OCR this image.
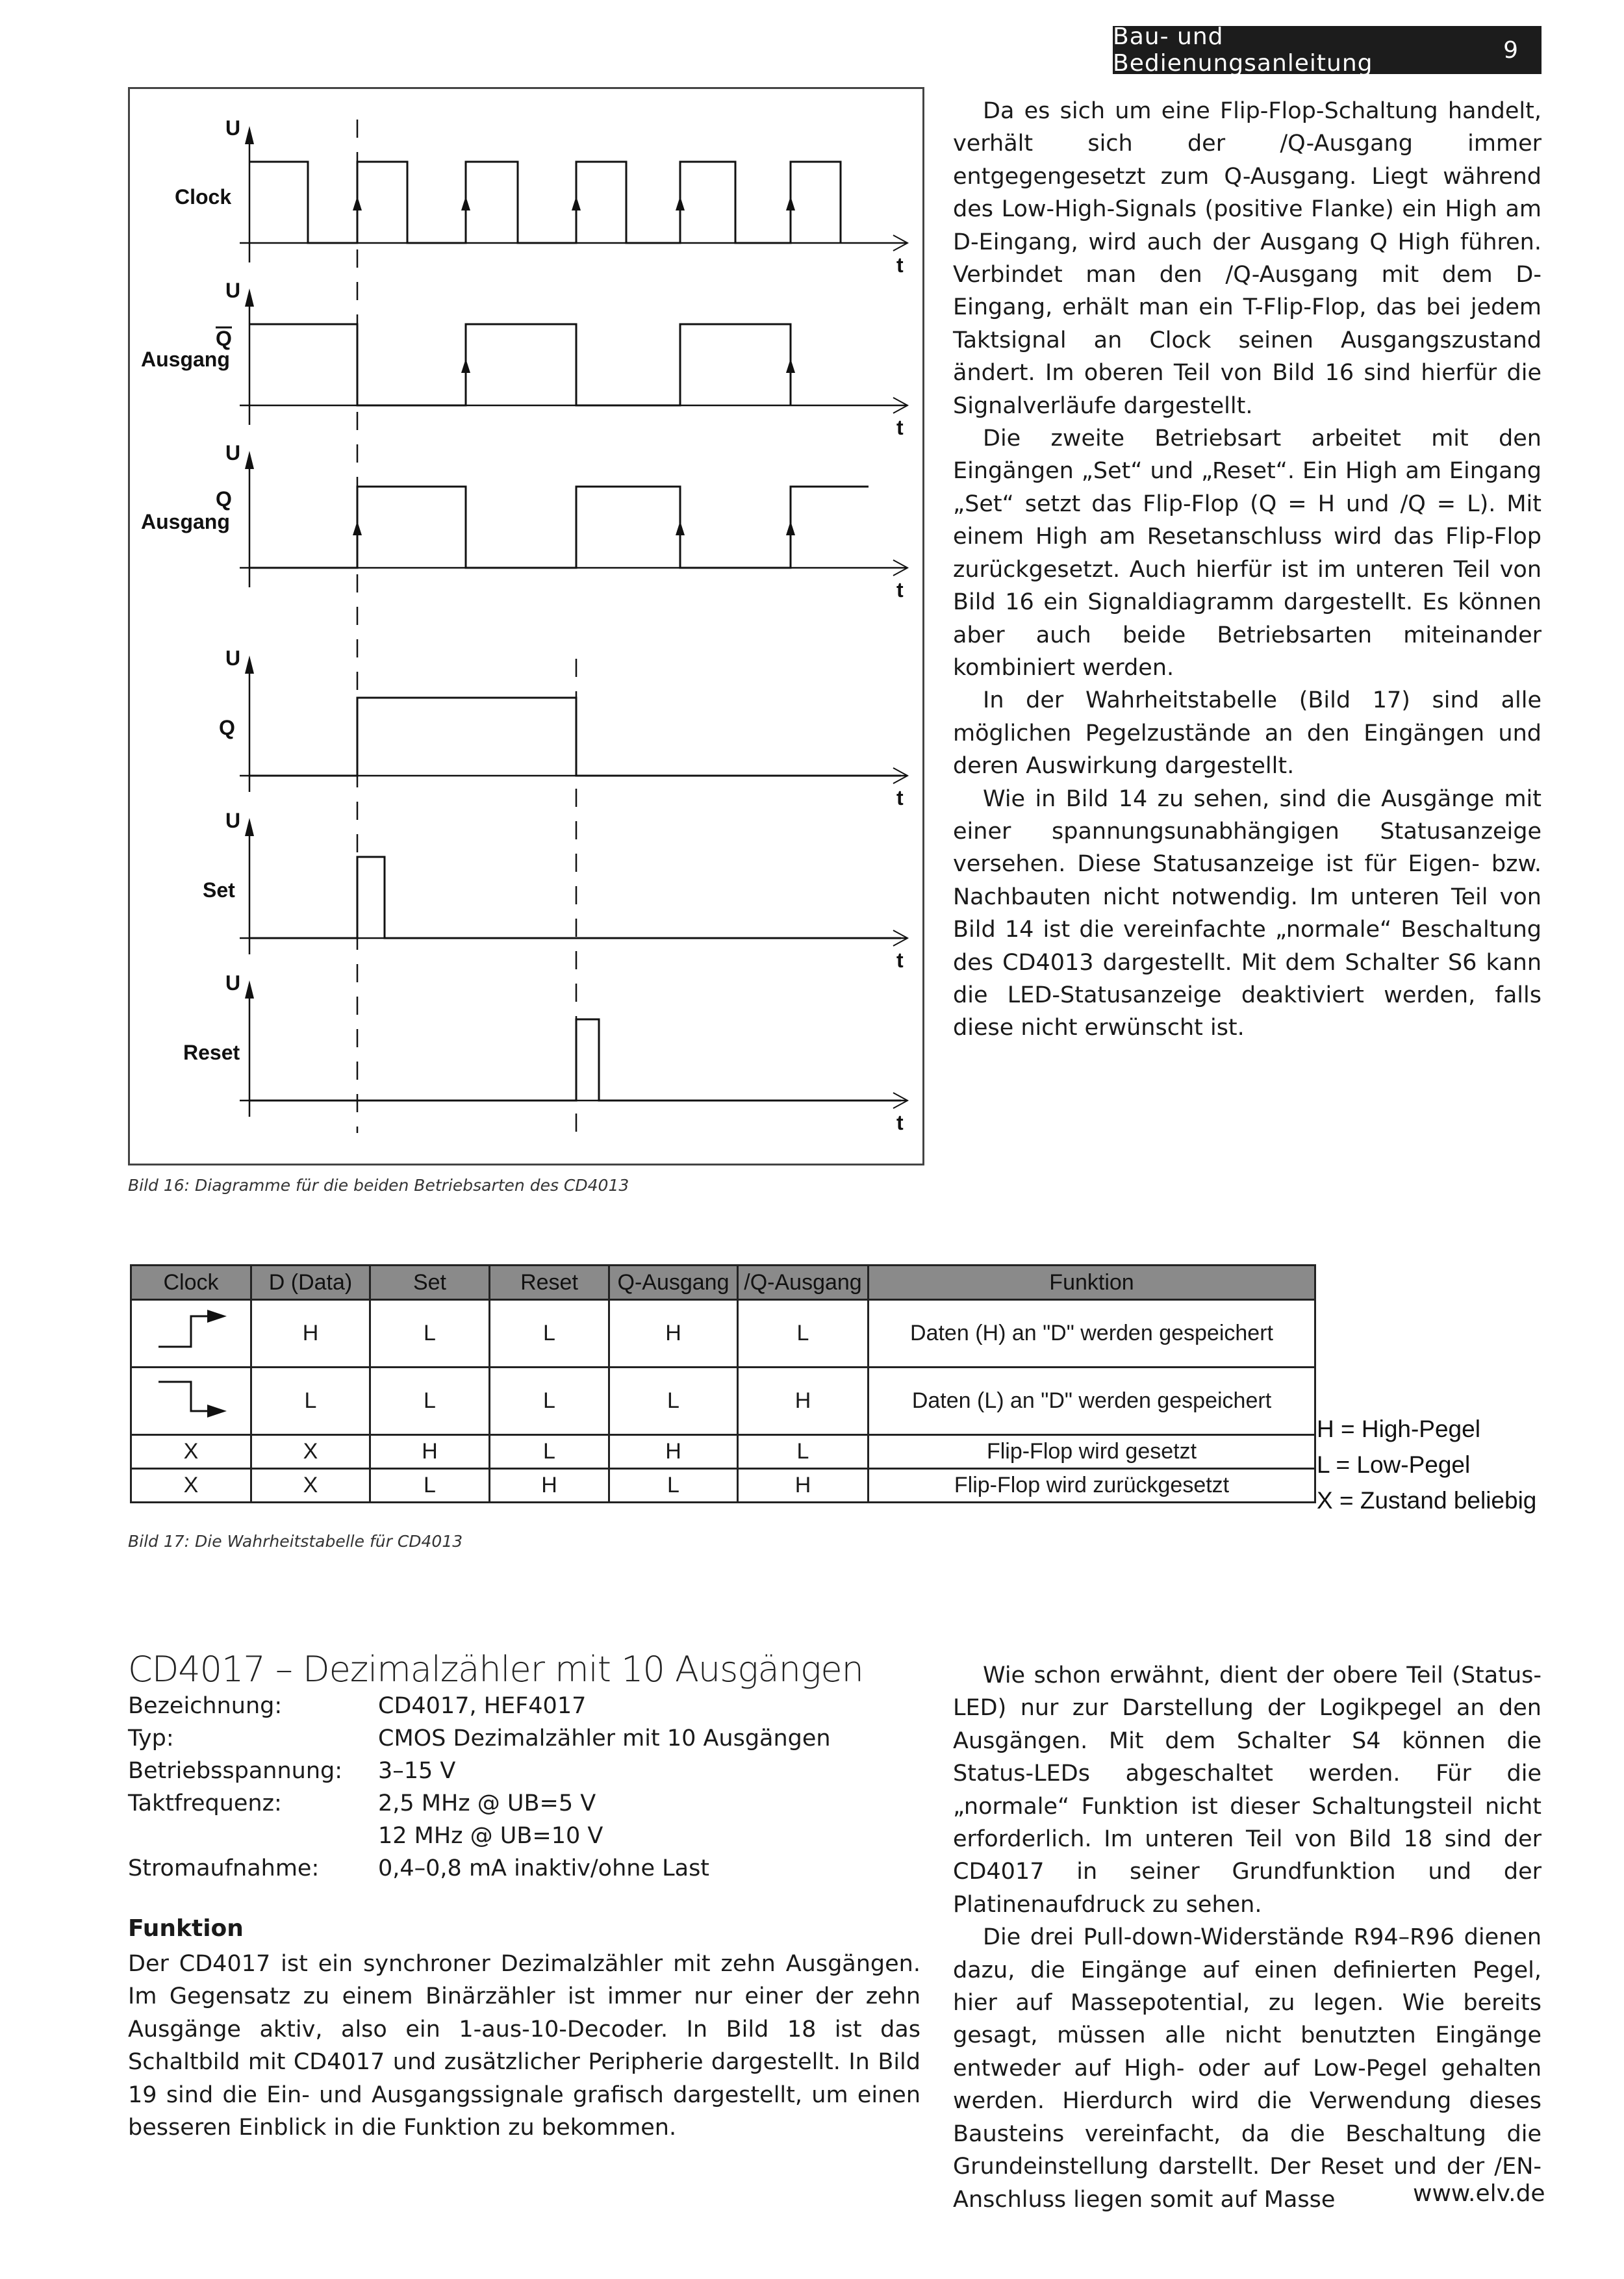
Bau- und Bedienungsanleitung	9
U
Clock
U
Q
Ausgang
U
Q
Ausgang
U
Q
U
Set
U
Reset
t
t
t
t
t
t
Bild 16: Diagramme für die beiden Betriebsarten des CD4013

Da es sich um eine Flip-Flop-Schaltung handelt, verhält sich der /Q-Ausgang immer entgegengesetzt zum Q-Ausgang. Liegt während des Low-High-Signals (positive Flanke) ein High am D-Eingang, wird auch der Ausgang Q High führen. Verbindet man den /Q-Ausgang mit dem D-Eingang, erhält man ein T-Flip-Flop, das bei jedem Taktsignal an Clock seinen Ausgangszustand ändert. Im oberen Teil von Bild 16 sind hierfür die Signalverläufe dargestellt.

Die zweite Betriebsart arbeitet mit den Eingängen „Set“ und „Reset“. Ein High am Eingang „Set“ setzt das Flip-Flop (Q = H und /Q = L). Mit einem High am Resetanschluss wird das Flip-Flop zurückgesetzt. Auch hierfür ist im unteren Teil von Bild 16 ein Signaldiagramm dargestellt. Es können aber auch beide Betriebsarten miteinander kombiniert werden.

In der Wahrheitstabelle (Bild 17) sind alle möglichen Pegelzustände an den Eingängen und deren Auswirkung dargestellt.

Wie in Bild 14 zu sehen, sind die Ausgänge mit einer spannungsunabhängigen Statusanzeige versehen. Diese Statusanzeige ist für Eigen- bzw. Nachbauten nicht notwendig. Im unteren Teil von Bild 14 ist die vereinfachte „normale“ Beschaltung des CD4013 dargestellt. Mit dem Schalter S6 kann die LED-Statusanzeige deaktiviert werden, falls diese nicht erwünscht ist.

Clock	D (Data)	Set	Reset	Q-Ausgang	/Q-Ausgang	Funktion
	H	L	L	H	L	Daten (H) an "D" werden gespeichert
	L	L	L	L	H	Daten (L) an "D" werden gespeichert
X	X	H	L	H	L	Flip-Flop wird gesetzt
X	X	L	H	L	H	Flip-Flop wird zurückgesetzt
H = High-Pegel
L = Low-Pegel
X = Zustand beliebig
Bild 17: Die Wahrheitstabelle für CD4013
CD4017 – Dezimalzähler mit 10 Ausgängen
Bezeichnung:	CD4017, HEF4017
Typ:	CMOS Dezimalzähler mit 10 Ausgängen
Betriebsspannung: 3–15 V
Taktfrequenz:	2,5 MHz @ UB=5 V
12 MHz @ UB=10 V
Stromaufnahme:	0,4–0,8 mA inaktiv/ohne Last
Funktion

Der CD4017 ist ein synchroner Dezimalzähler mit zehn Ausgängen. Im Gegensatz zu einem Binärzähler ist immer nur einer der zehn Ausgänge aktiv, also ein 1-aus-10-Decoder. In Bild 18 ist das Schaltbild mit CD4017 und zusätzlicher Peripherie dargestellt. In Bild 19 sind die Ein- und Ausgangssignale grafisch dargestellt, um einen besseren Einblick in die Funktion zu bekommen.

Wie schon erwähnt, dient der obere Teil (Status-LED) nur zur Darstellung der Logikpegel an den Ausgängen. Mit dem Schalter S4 können die Status-LEDs abgeschaltet werden. Für die „normale“ Funktion ist dieser Schaltungsteil nicht erforderlich. Im unteren Teil von Bild 18 sind der CD4017 in seiner Grundfunktion und der Platinenaufdruck zu sehen.

Die drei Pull-down-Widerstände R94–R96 dienen dazu, die Eingänge auf einen definierten Pegel, hier auf Massepotential, zu legen. Wie bereits gesagt, müssen alle nicht benutzten Eingänge entweder auf High- oder auf Low-Pegel gehalten werden. Hierdurch wird die Verwendung dieses Bausteins vereinfacht, da die Beschaltung die Grundeinstellung darstellt. Der Reset und der /EN-Anschluss liegen somit auf Masse	www.elv.de
